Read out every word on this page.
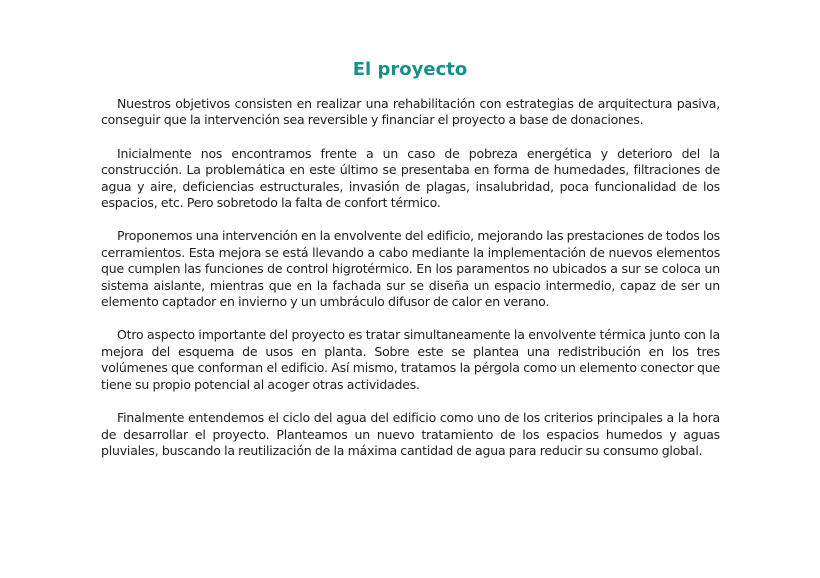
El proyecto

Nuestros objetivos consisten en realizar una rehabilitación con estrategias de arquitectura pasiva, conseguir que la intervención sea reversible y financiar el proyecto a base de donaciones.

Inicialmente nos encontramos frente a un caso de pobreza energética y deterioro del la construcción. La problemática en este último se presentaba en forma de humedades, filtraciones de agua y aire, deficiencias estructurales, invasión de plagas, insalubridad, poca funcionalidad de los espacios, etc. Pero sobretodo la falta de confort térmico.

Proponemos una intervención en la envolvente del edificio, mejorando las prestaciones de todos los cerramientos. Esta mejora se está llevando a cabo mediante la implementación de nuevos elementos que cumplen las funciones de control higrotérmico. En los paramentos no ubicados a sur se coloca un sistema aislante, mientras que en la fachada sur se diseña un espacio intermedio, capaz de ser un elemento captador en invierno y un umbráculo difusor de calor en verano.

Otro aspecto importante del proyecto es tratar simultaneamente la envolvente térmica junto con la mejora del esquema de usos en planta. Sobre este se plantea una redistribución en los tres volúmenes que conforman el edificio. Así mismo, tratamos la pérgola como un elemento conector que tiene su propio potencial al acoger otras actividades.

Finalmente entendemos el ciclo del agua del edificio como uno de los criterios principales a la hora de desarrollar el proyecto. Planteamos un nuevo tratamiento de los espacios humedos y aguas pluviales, buscando la reutilización de la máxima cantidad de agua para reducir su consumo global.
